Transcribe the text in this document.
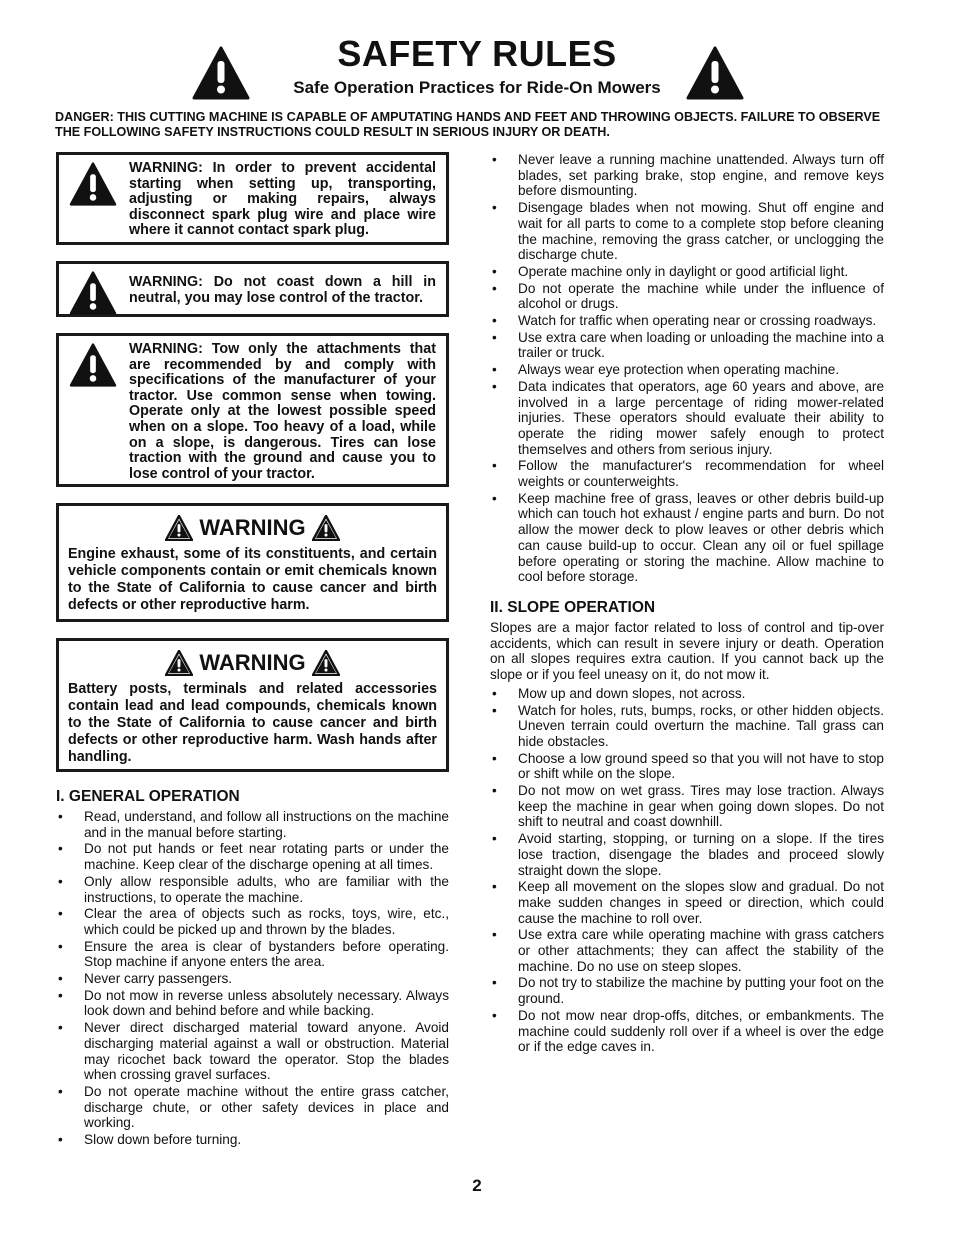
SAFETY RULES
Safe Operation Practices for Ride-On Mowers
DANGER: THIS CUTTING MACHINE IS CAPABLE OF AMPUTATING HANDS AND FEET AND THROWING OBJECTS. FAILURE TO OBSERVE THE FOLLOWING SAFETY INSTRUCTIONS COULD RESULT IN SERIOUS INJURY OR DEATH.
WARNING: In order to prevent accidental starting when setting up, transporting, adjusting or making repairs, always disconnect spark plug wire and place wire where it cannot contact spark plug.
WARNING: Do not coast down a hill in neutral, you may lose control of the tractor.
WARNING: Tow only the attachments that are recommended by and comply with specifications of the manufacturer of your tractor. Use common sense when towing. Operate only at the lowest possible speed when on a slope. Too heavy of a load, while on a slope, is dangerous. Tires can lose traction with the ground and cause you to lose control of your tractor.
WARNING
Engine exhaust, some of its constituents, and certain vehicle components contain or emit chemicals known to the State of California to cause cancer and birth defects or other reproductive harm.
WARNING
Battery posts, terminals and related accessories contain lead and lead compounds, chemicals known to the State of California to cause cancer and birth defects or other reproductive harm. Wash hands after handling.
I. GENERAL OPERATION
• Read, understand, and follow all instructions on the machine and in the manual before starting.
• Do not put hands or feet near rotating parts or under the machine. Keep clear of the discharge opening at all times.
• Only allow responsible adults, who are familiar with the instructions, to operate the machine.
• Clear the area of objects such as rocks, toys, wire, etc., which could be picked up and thrown by the blades.
• Ensure the area is clear of bystanders before operating. Stop machine if anyone enters the area.
• Never carry passengers.
• Do not mow in reverse unless absolutely necessary. Always look down and behind before and while backing.
• Never direct discharged material toward anyone. Avoid discharging material against a wall or obstruction. Material may ricochet back toward the operator. Stop the blades when crossing gravel surfaces.
• Do not operate machine without the entire grass catcher, discharge chute, or other safety devices in place and working.
• Slow down before turning.
• Never leave a running machine unattended. Always turn off blades, set parking brake, stop engine, and remove keys before dismounting.
• Disengage blades when not mowing. Shut off engine and wait for all parts to come to a complete stop before cleaning the machine, removing the grass catcher, or unclogging the discharge chute.
• Operate machine only in daylight or good artificial light.
• Do not operate the machine while under the influence of alcohol or drugs.
• Watch for traffic when operating near or crossing roadways.
• Use extra care when loading or unloading the machine into a trailer or truck.
• Always wear eye protection when operating machine.
• Data indicates that operators, age 60 years and above, are involved in a large percentage of riding mower-related injuries. These operators should evaluate their ability to operate the riding mower safely enough to protect themselves and others from serious injury.
• Follow the manufacturer's recommendation for wheel weights or counterweights.
• Keep machine free of grass, leaves or other debris build-up which can touch hot exhaust / engine parts and burn. Do not allow the mower deck to plow leaves or other debris which can cause build-up to occur. Clean any oil or fuel spillage before operating or storing the machine. Allow machine to cool before storage.
II. SLOPE OPERATION
Slopes are a major factor related to loss of control and tip-over accidents, which can result in severe injury or death. Operation on all slopes requires extra caution. If you cannot back up the slope or if you feel uneasy on it, do not mow it.
• Mow up and down slopes, not across.
• Watch for holes, ruts, bumps, rocks, or other hidden objects. Uneven terrain could overturn the machine. Tall grass can hide obstacles.
• Choose a low ground speed so that you will not have to stop or shift while on the slope.
• Do not mow on wet grass. Tires may lose traction. Always keep the machine in gear when going down slopes. Do not shift to neutral and coast downhill.
• Avoid starting, stopping, or turning on a slope. If the tires lose traction, disengage the blades and proceed slowly straight down the slope.
• Keep all movement on the slopes slow and gradual. Do not make sudden changes in speed or direction, which could cause the machine to roll over.
• Use extra care while operating machine with grass catchers or other attachments; they can affect the stability of the machine. Do no use on steep slopes.
• Do not try to stabilize the machine by putting your foot on the ground.
• Do not mow near drop-offs, ditches, or embankments. The machine could suddenly roll over if a wheel is over the edge or if the edge caves in.
2
